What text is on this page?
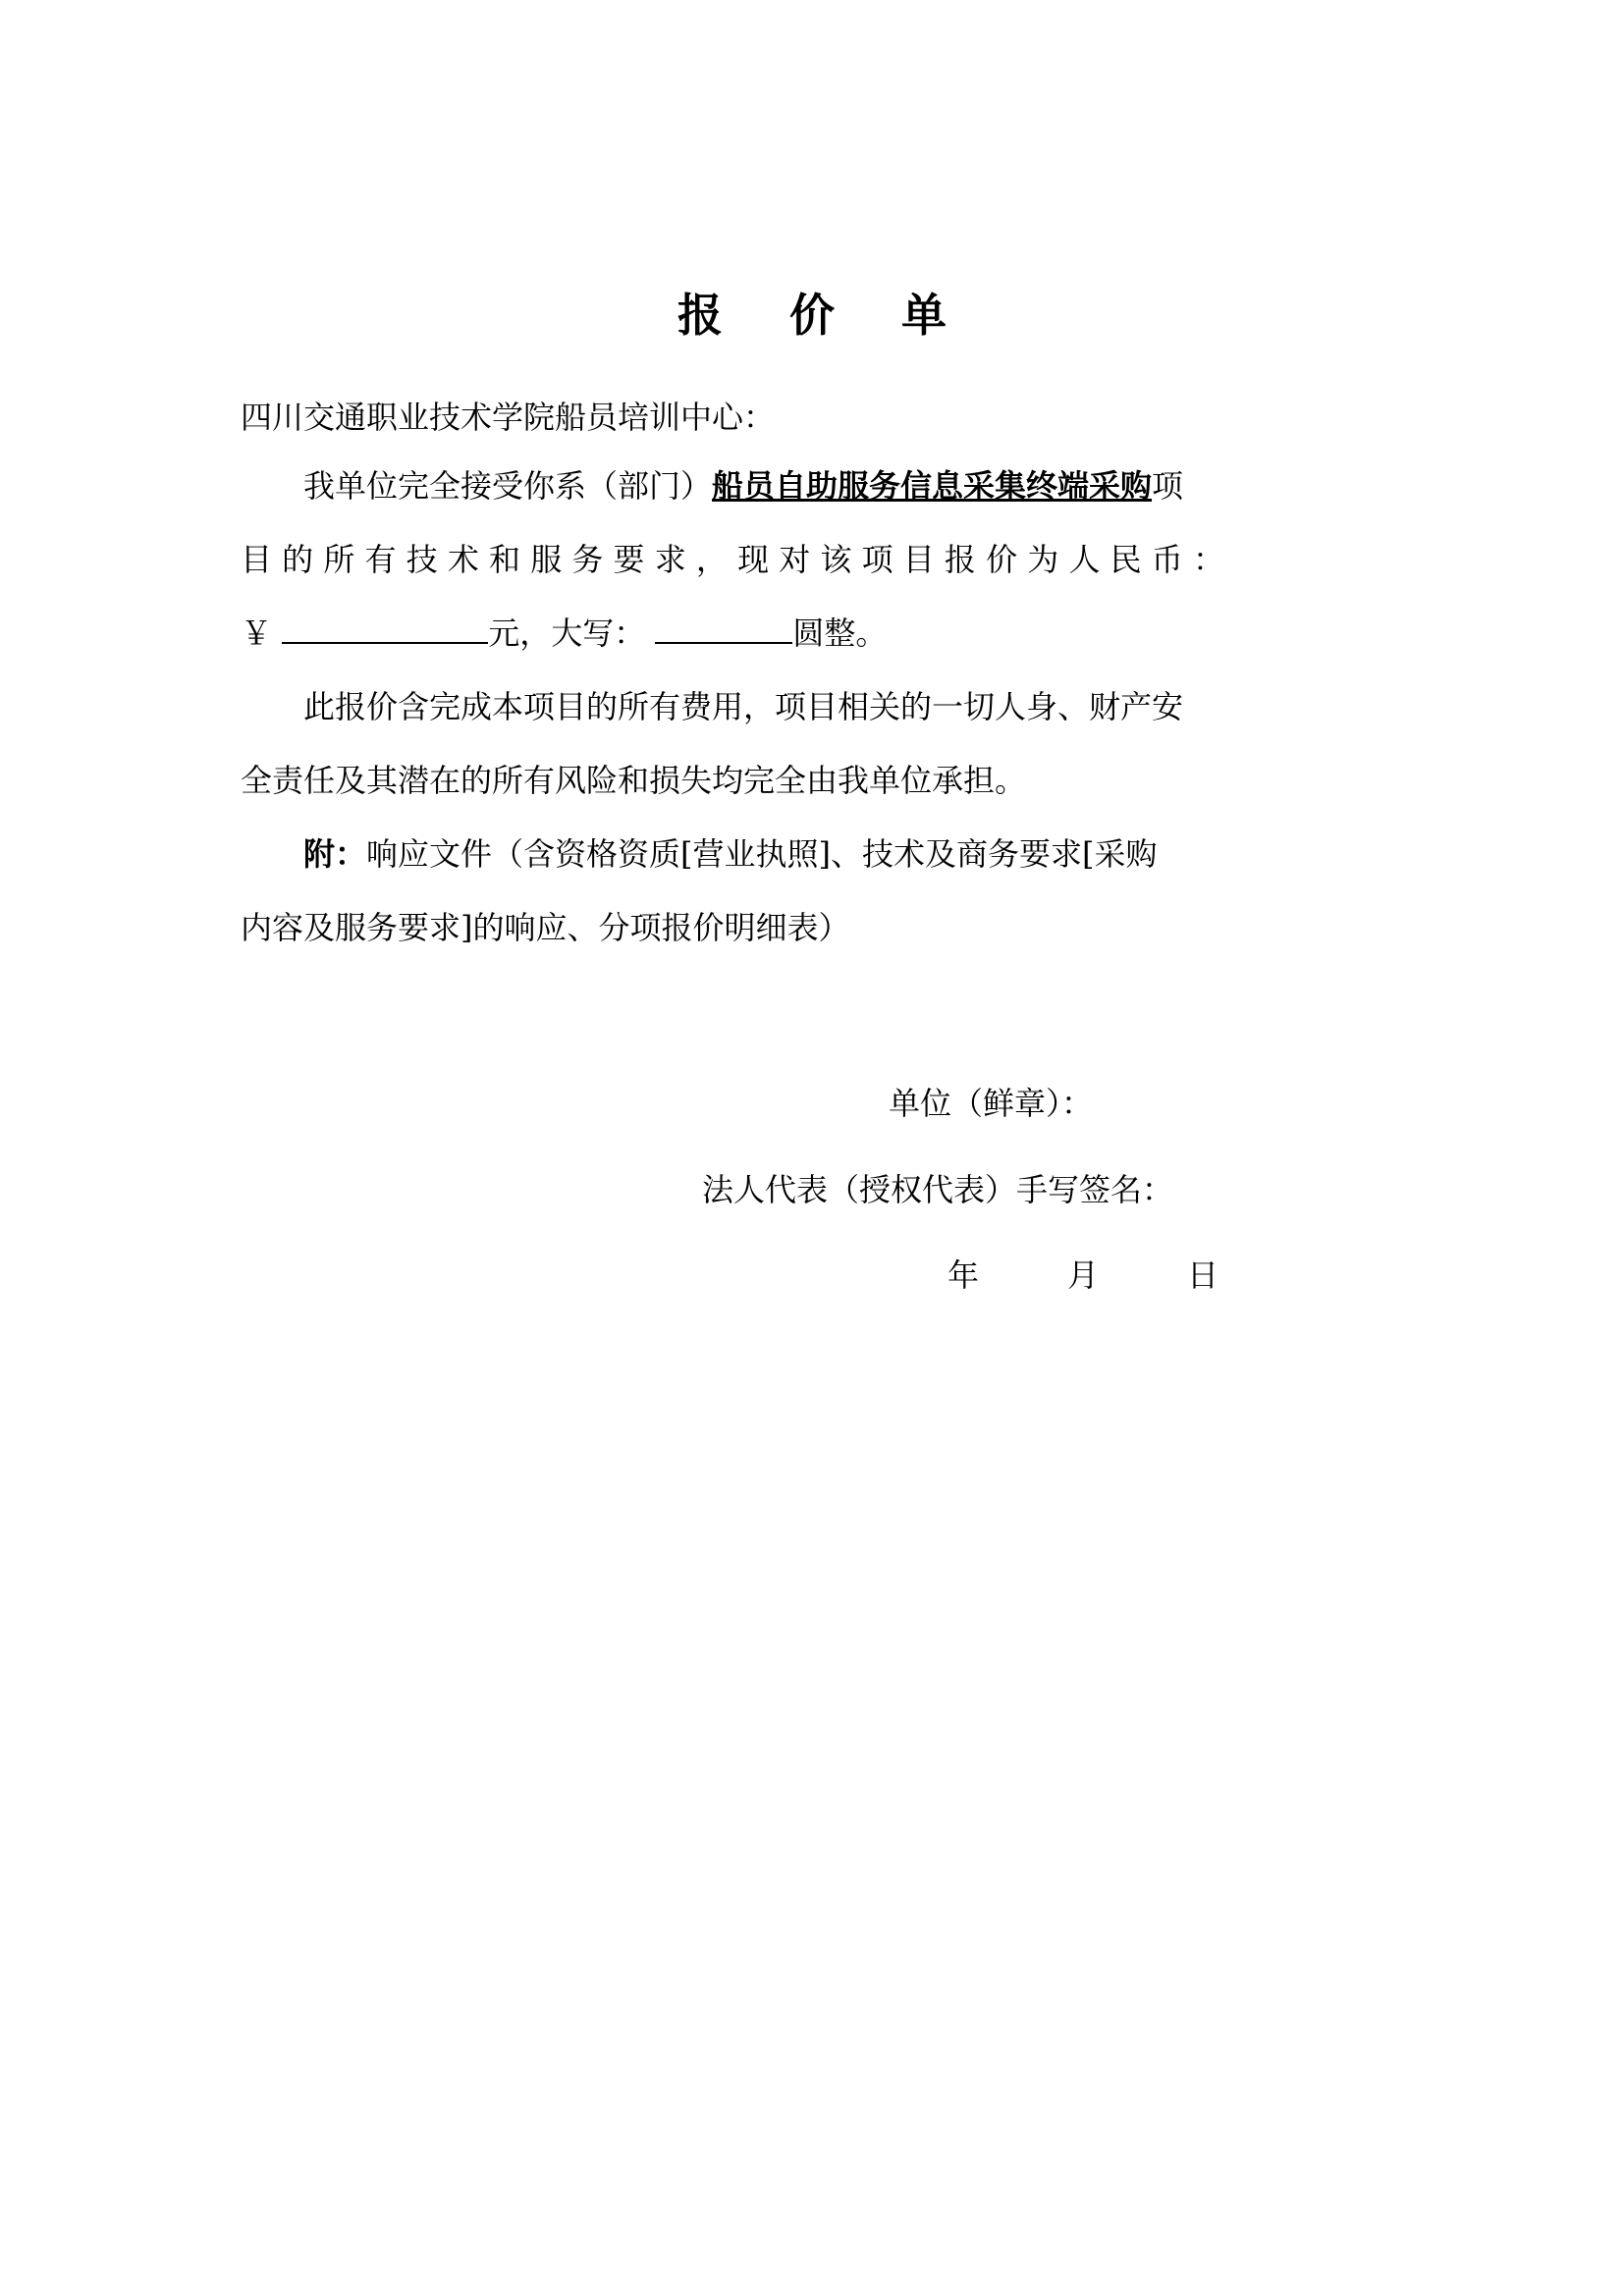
报 价 单
四川交通职业技术学院船员培训中心：
我单位完全接受你系（部门）船员自助服务信息采集终端采购项
目 的 所 有 技 术 和 服 务 要 求 ， 现 对 该 项 目 报 价 为 人 民 币 ：
￥	元，大写：	圆整。
此报价含完成本项目的所有费用，项目相关的一切人身、财产安
全责任及其潜在的所有风险和损失均完全由我单位承担。
附：响应文件（含资格资质[营业执照]、技术及商务要求[采购
内容及服务要求]的响应、分项报价明细表）
单位（鲜章）：
法人代表（授权代表）手写签名：
年	月	日
